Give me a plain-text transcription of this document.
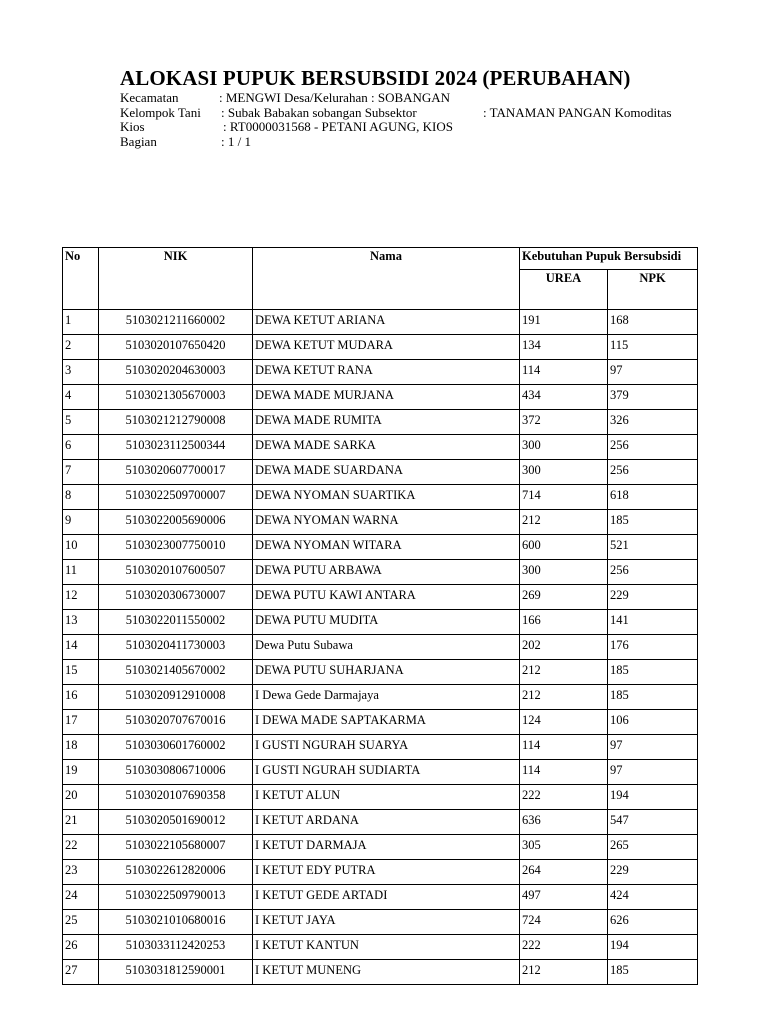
ALOKASI PUPUK BERSUBSIDI 2024 (PERUBAHAN)
Kecamatan	: MENGWI Desa/Kelurahan : SOBANGAN
Kelompok Tani : Subak Babakan sobangan Subsektor	: TANAMAN PANGAN Komoditas
Kios	: RT0000031568 - PETANI AGUNG, KIOS
Bagian	: 1 / 1
No	NIK	Nama	Kebutuhan Pupuk Bersubsidi	
			UREA	NPK
1	5103021211660002	DEWA KETUT ARIANA	191	168
2	5103020107650420	DEWA KETUT MUDARA	134	115
3	5103020204630003	DEWA KETUT RANA	114	97
4	5103021305670003	DEWA MADE MURJANA	434	379
5	5103021212790008	DEWA MADE RUMITA	372	326
6	5103023112500344	DEWA MADE SARKA	300	256
7	5103020607700017	DEWA MADE SUARDANA	300	256
8	5103022509700007	DEWA NYOMAN SUARTIKA	714	618
9	5103022005690006	DEWA NYOMAN WARNA	212	185
10	5103023007750010	DEWA NYOMAN WITARA	600	521
11	5103020107600507	DEWA PUTU ARBAWA	300	256
12	5103020306730007	DEWA PUTU KAWI ANTARA	269	229
13	5103022011550002	DEWA PUTU MUDITA	166	141
14	5103020411730003	Dewa Putu Subawa	202	176
15	5103021405670002	DEWA PUTU SUHARJANA	212	185
16	5103020912910008	I Dewa Gede Darmajaya	212	185
17	5103020707670016	I DEWA MADE SAPTAKARMA	124	106
18	5103030601760002	I GUSTI NGURAH SUARYA	114	97
19	5103030806710006	I GUSTI NGURAH SUDIARTA	114	97
20	5103020107690358	I KETUT ALUN	222	194
21	5103020501690012	I KETUT ARDANA	636	547
22	5103022105680007	I KETUT DARMAJA	305	265
23	5103022612820006	I KETUT EDY PUTRA	264	229
24	5103022509790013	I KETUT GEDE ARTADI	497	424
25	5103021010680016	I KETUT JAYA	724	626
26	5103033112420253	I KETUT KANTUN	222	194
27	5103031812590001	I KETUT MUNENG	212	185
